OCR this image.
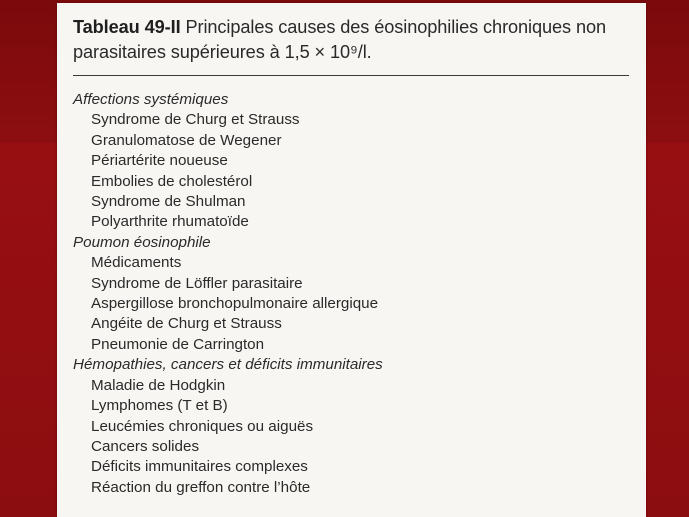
Tableau 49-II Principales causes des éosinophilies chroniques non parasitaires supérieures à 1,5 × 10⁹/l.

Affections systémiques
Syndrome de Churg et Strauss
Granulomatose de Wegener
Périartérite noueuse
Embolies de cholestérol
Syndrome de Shulman
Polyarthrite rhumatoïde
Poumon éosinophile
Médicaments
Syndrome de Löffler parasitaire
Aspergillose bronchopulmonaire allergique
Angéite de Churg et Strauss
Pneumonie de Carrington
Hémopathies, cancers et déficits immunitaires
Maladie de Hodgkin
Lymphomes (T et B)
Leucémies chroniques ou aiguës
Cancers solides
Déficits immunitaires complexes
Réaction du greffon contre l’hôte
